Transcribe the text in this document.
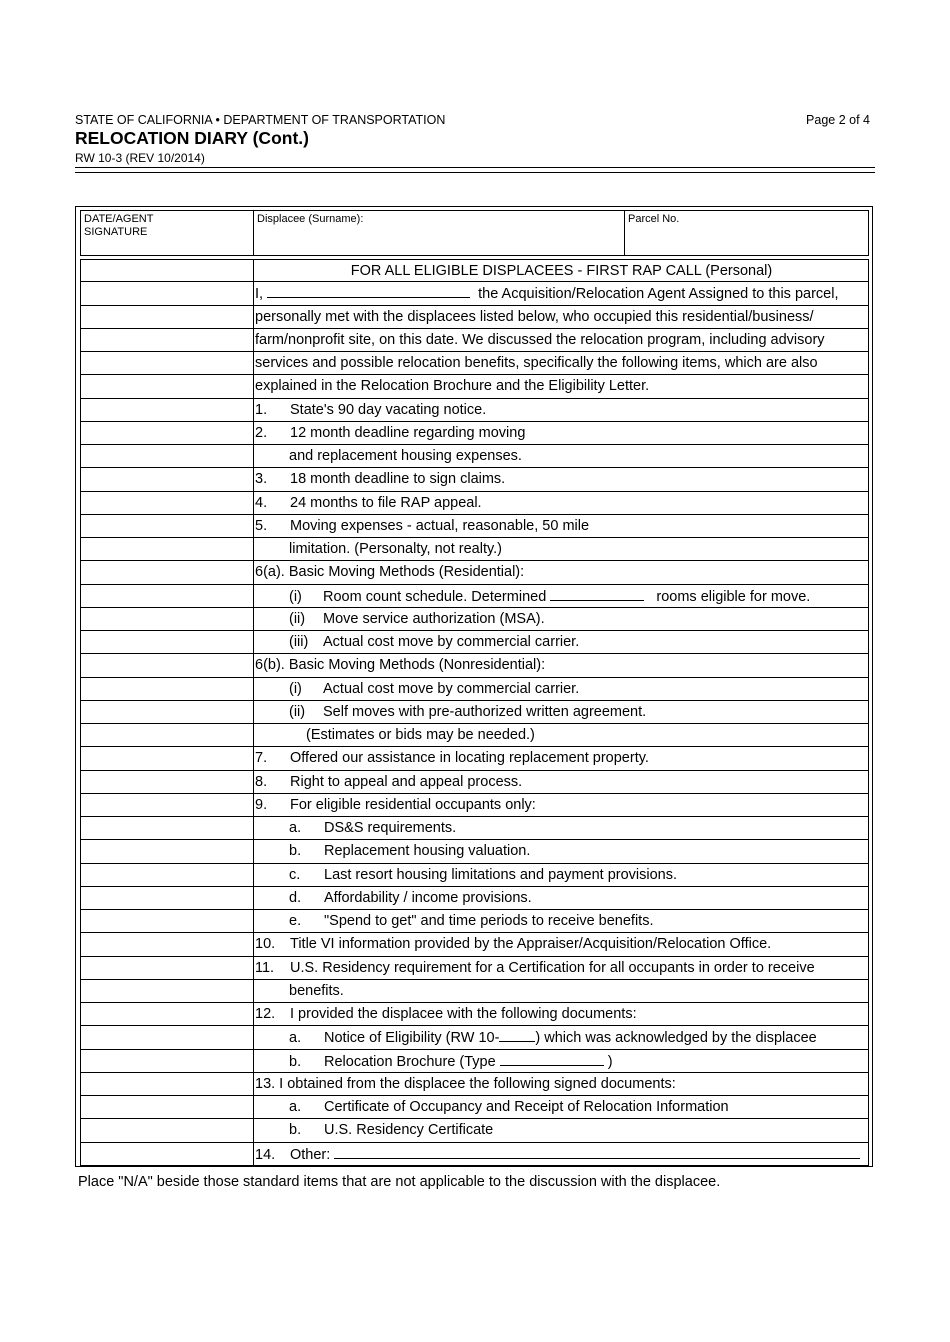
STATE OF CALIFORNIA • DEPARTMENT OF TRANSPORTATION
RELOCATION DIARY (Cont.)
RW 10-3 (REV 10/2014)
Page 2 of 4
DATE/AGENT
SIGNATURE
Displacee (Surname):	Parcel No.
FOR ALL ELIGIBLE DISPLACEES - FIRST RAP CALL (Personal)
I,	the Acquisition/Relocation Agent Assigned to this parcel,
personally met with the displacees listed below, who occupied this residential/business/
farm/nonprofit site, on this date. We discussed the relocation program, including advisory
services and possible relocation benefits, specifically the following items, which are also
explained in the Relocation Brochure and the Eligibility Letter.
1. State's 90 day vacating notice.
2. 12 month deadline regarding moving
and replacement housing expenses.
3. 18 month deadline to sign claims.
4. 24 months to file RAP appeal.
5. Moving expenses - actual, reasonable, 50 mile
limitation. (Personalty, not realty.)
6(a). Basic Moving Methods (Residential):
(i) Room count schedule. Determined	rooms eligible for move.
(ii) Move service authorization (MSA).
(iii) Actual cost move by commercial carrier.
6(b). Basic Moving Methods (Nonresidential):
(i) Actual cost move by commercial carrier.
(ii) Self moves with pre-authorized written agreement.
(Estimates or bids may be needed.)
7. Offered our assistance in locating replacement property.
8. Right to appeal and appeal process.
9. For eligible residential occupants only:
a. DS&S requirements.
b. Replacement housing valuation.
c. Last resort housing limitations and payment provisions.
d. Affordability / income provisions.
e. "Spend to get" and time periods to receive benefits.
10. Title VI information provided by the Appraiser/Acquisition/Relocation Office.
11. U.S. Residency requirement for a Certification for all occupants in order to receive
benefits.
12. I provided the displacee with the following documents:
a. Notice of Eligibility (RW 10- ) which was acknowledged by the displacee
b. Relocation Brochure (Type	)
13. I obtained from the displacee the following signed documents:
a. Certificate of Occupancy and Receipt of Relocation Information
b. U.S. Residency Certificate
14. Other:
Place "N/A" beside those standard items that are not applicable to the discussion with the displacee.
